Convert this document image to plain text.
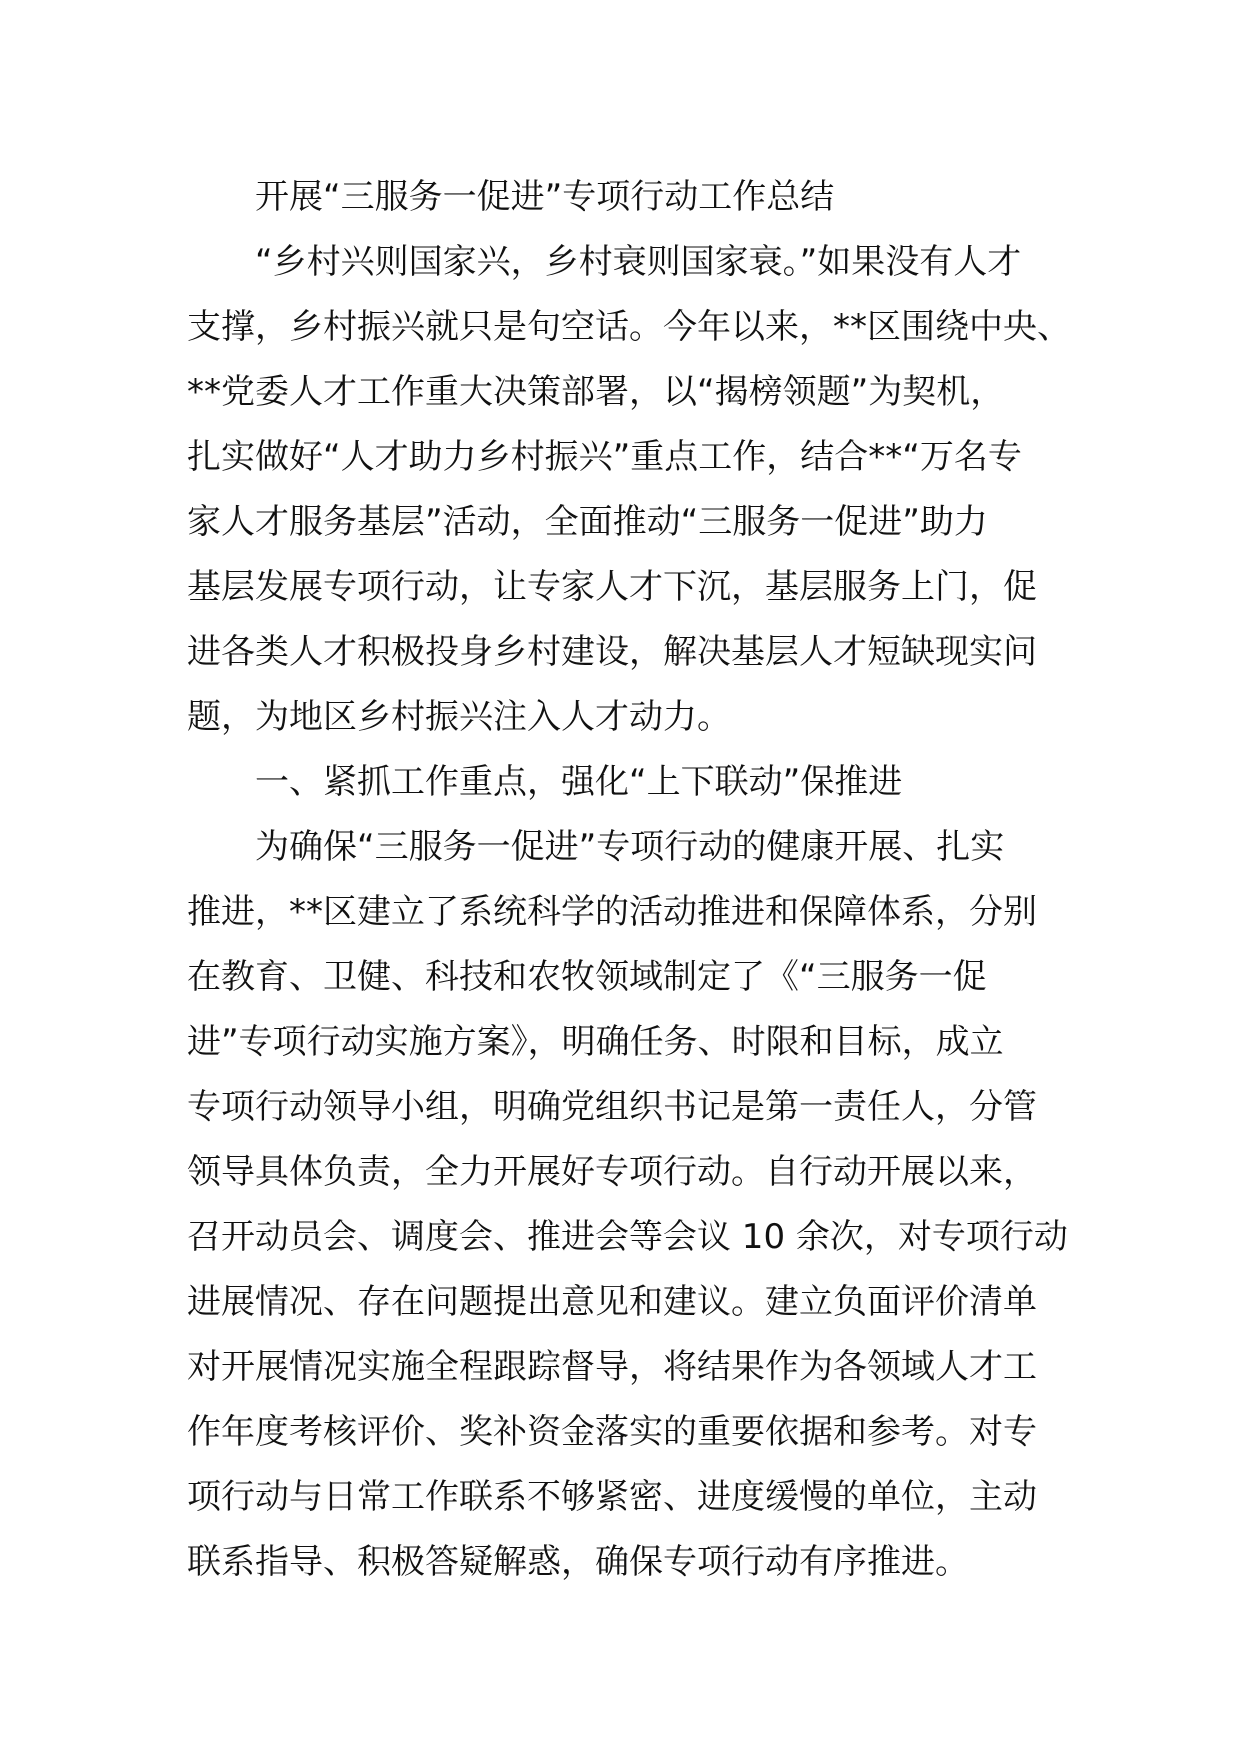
开展“三服务一促进”专项行动工作总结
“乡村兴则国家兴，乡村衰则国家衰。”如果没有人才
支撑，乡村振兴就只是句空话。今年以来，**区围绕中央、
**党委人才工作重大决策部署，以“揭榜领题”为契机，
扎实做好“人才助力乡村振兴”重点工作，结合**“万名专
家人才服务基层”活动，全面推动“三服务一促进”助力
基层发展专项行动，让专家人才下沉，基层服务上门，促
进各类人才积极投身乡村建设，解决基层人才短缺现实问
题，为地区乡村振兴注入人才动力。
一、紧抓工作重点，强化“上下联动”保推进
为确保“三服务一促进”专项行动的健康开展、扎实
推进，**区建立了系统科学的活动推进和保障体系，分别
在教育、卫健、科技和农牧领域制定了《“三服务一促
进”专项行动实施方案》，明确任务、时限和目标，成立
专项行动领导小组，明确党组织书记是第一责任人，分管
领导具体负责，全力开展好专项行动。自行动开展以来，
召开动员会、调度会、推进会等会议 10 余次，对专项行动
进展情况、存在问题提出意见和建议。建立负面评价清单
对开展情况实施全程跟踪督导，将结果作为各领域人才工
作年度考核评价、奖补资金落实的重要依据和参考。对专
项行动与日常工作联系不够紧密、进度缓慢的单位，主动
联系指导、积极答疑解惑，确保专项行动有序推进。
